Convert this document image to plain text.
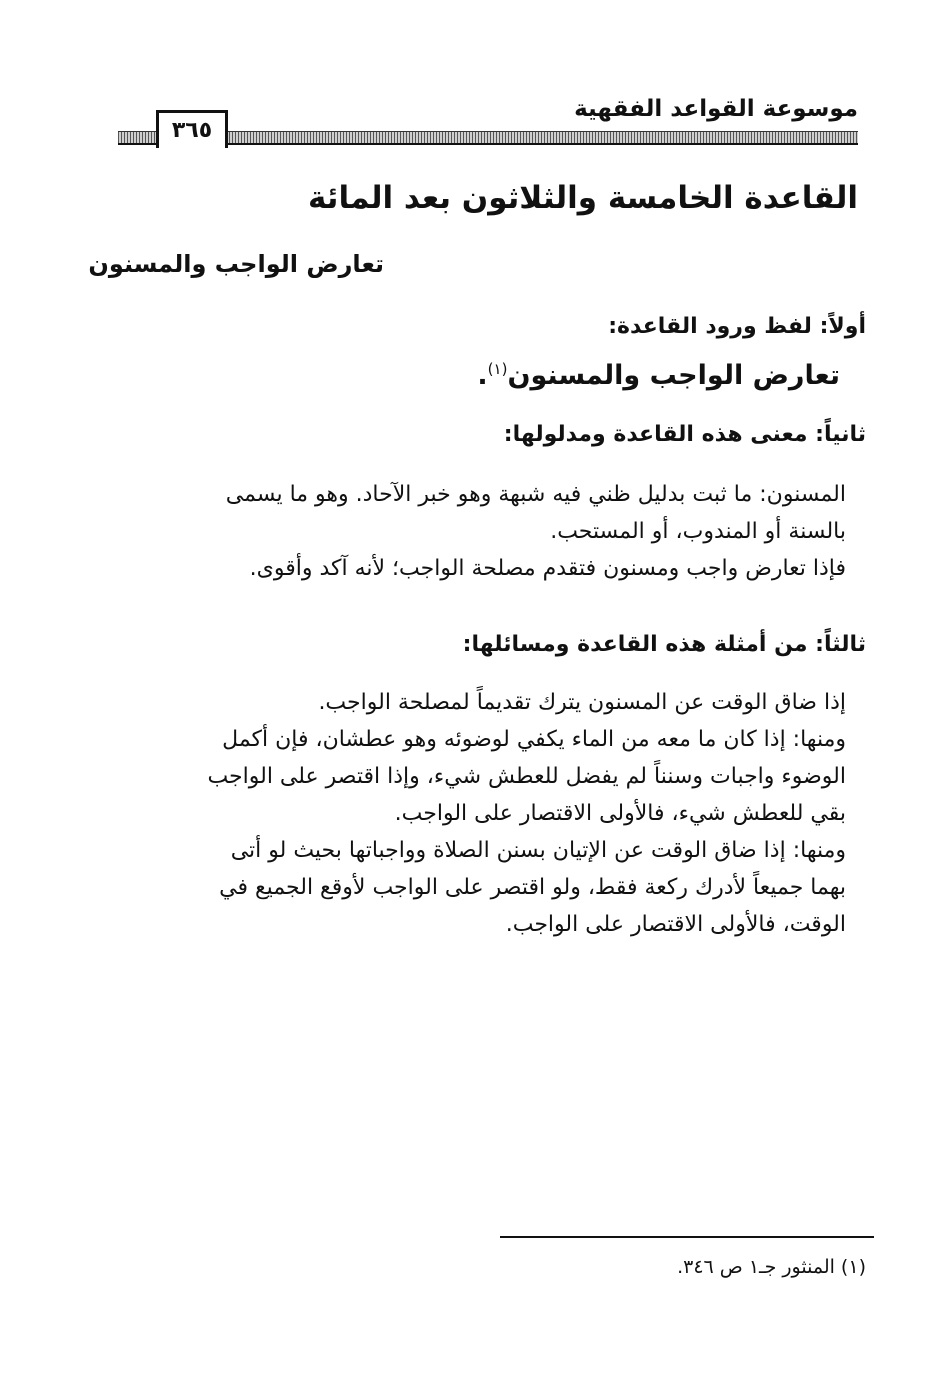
موسوعة القواعد الفقهية
٣٦٥
القاعدة الخامسة والثلاثون بعد المائة
تعارض الواجب والمسنون
أولاً: لفظ ورود القاعدة:
تعارض الواجب والمسنون$^{(١)}$.
ثانياً: معنى هذه القاعدة ومدلولها:
المسنون: ما ثبت بدليل ظني فيه شبهة وهو خبر الآحاد. وهو ما يسمى
بالسنة أو المندوب، أو المستحب.
فإذا تعارض واجب ومسنون فتقدم مصلحة الواجب؛ لأنه آكد وأقوى.
ثالثاً: من أمثلة هذه القاعدة ومسائلها:
إذا ضاق الوقت عن المسنون يترك تقديماً لمصلحة الواجب.
ومنها: إذا كان ما معه من الماء يكفي لوضوئه وهو عطشان، فإن أكمل
الوضوء واجبات وسنناً لم يفضل للعطش شيء، وإذا اقتصر على الواجب
بقي للعطش شيء، فالأولى الاقتصار على الواجب.
ومنها: إذا ضاق الوقت عن الإتيان بسنن الصلاة وواجباتها بحيث لو أتى
بهما جميعاً لأدرك ركعة فقط، ولو اقتصر على الواجب لأوقع الجميع في
الوقت، فالأولى الاقتصار على الواجب.
(١) المنثور جـ١ ص ٣٤٦.
